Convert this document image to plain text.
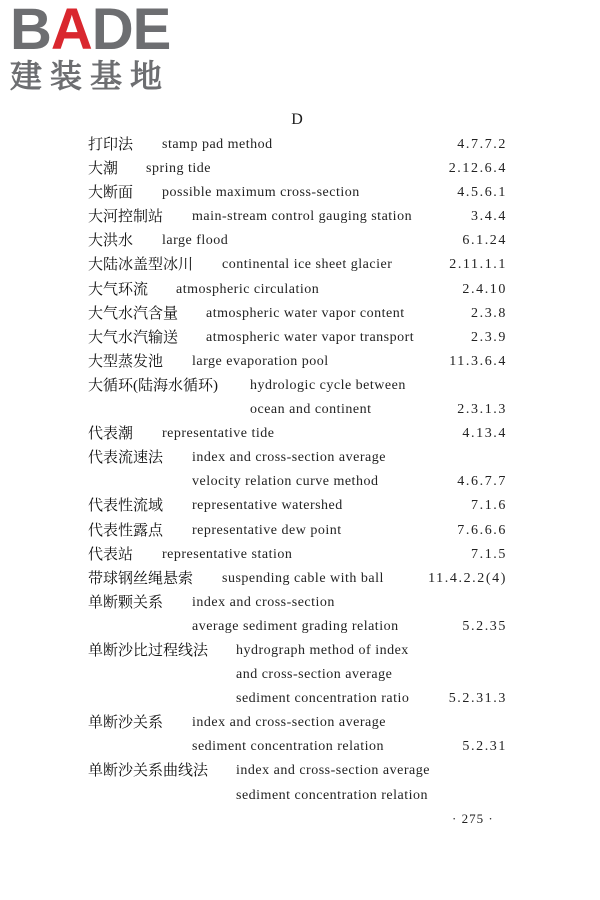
BADE
建装基地
D
打印法 stamp pad method	4.7.7.2
大潮 spring tide	2.12.6.4
大断面 possible maximum cross-section	4.5.6.1
大河控制站 main-stream control gauging station	3.4.4
大洪水 large flood	6.1.24
大陆冰盖型冰川 continental ice sheet glacier	2.11.1.1
大气环流 atmospheric circulation	2.4.10
大气水汽含量 atmospheric water vapor content	2.3.8
大气水汽输送 atmospheric water vapor transport	2.3.9
大型蒸发池 large evaporation pool	11.3.6.4
大循环(陆海水循环) hydrologic cycle between
ocean and continent	2.3.1.3
代表潮 representative tide	4.13.4
代表流速法 index and cross-section average
velocity relation curve method	4.6.7.7
代表性流域 representative watershed	7.1.6
代表性露点 representative dew point	7.6.6.6
代表站 representative station	7.1.5
带球钢丝绳悬索 suspending cable with ball	11.4.2.2(4)
单断颗关系 index and cross-section
average sediment grading relation	5.2.35
单断沙比过程线法 hydrograph method of index
and cross-section average
sediment concentration ratio	5.2.31.3
单断沙关系 index and cross-section average
sediment concentration relation	5.2.31
单断沙关系曲线法 index and cross-section average
sediment concentration relation
· 275 ·
